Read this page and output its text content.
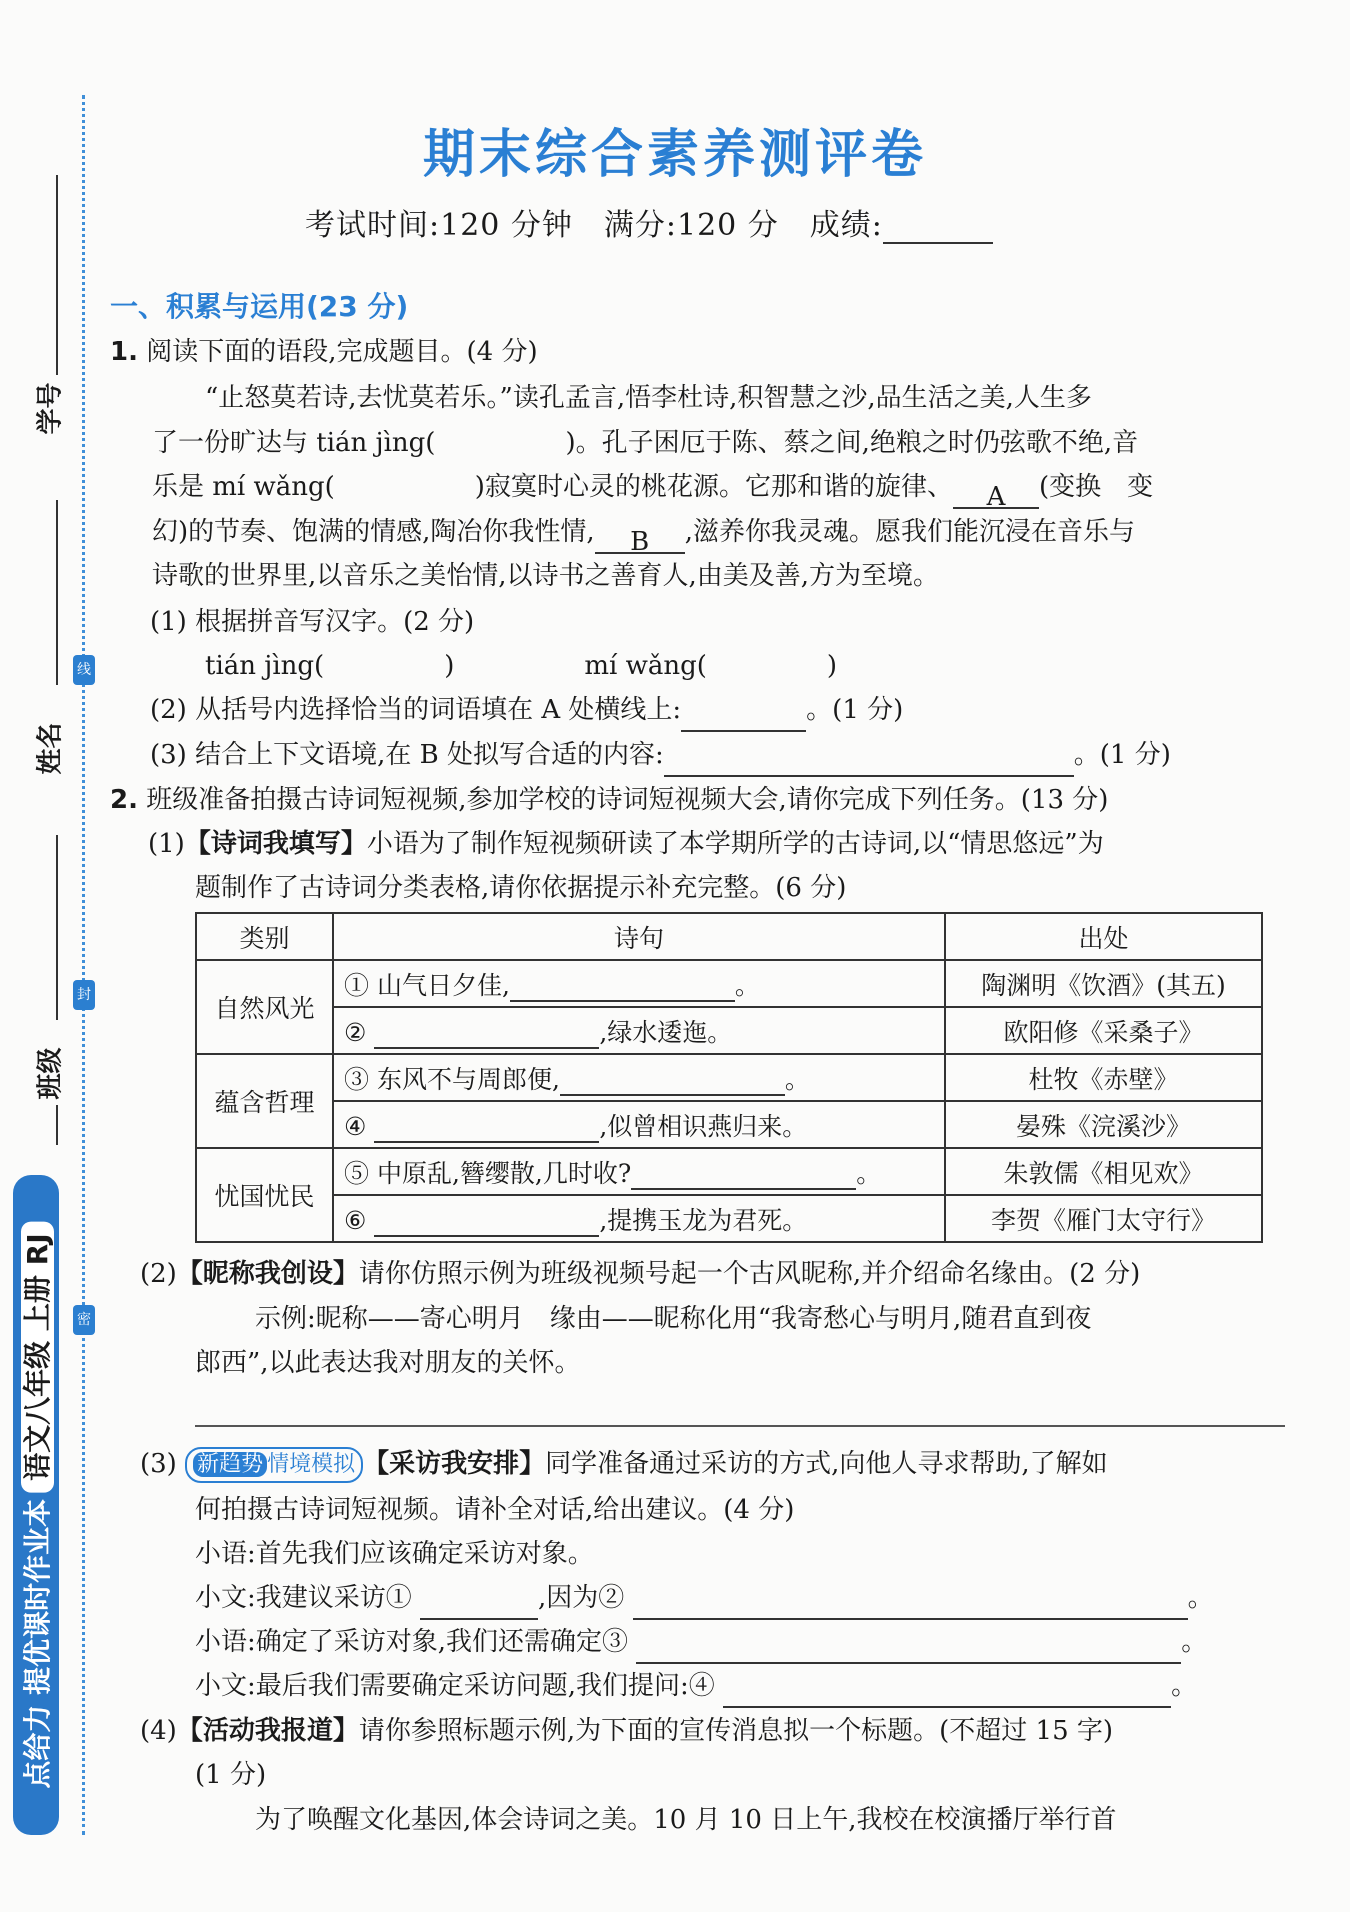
学号
线
姓名
封
班级
密
点给力 提优课时作业本语文八年级 上册 RJ
期末综合素养测评卷
考试时间:120 分钟　满分:120 分　成绩:
一、积累与运用(23 分)
1. 阅读下面的语段,完成题目。(4 分)
“止怒莫若诗,去忧莫若乐。”读孔孟言,悟李杜诗,积智慧之沙,品生活之美,人生多
了一份旷达与 tián jìng(	)。孔子困厄于陈、蔡之间,绝粮之时仍弦歌不绝,音
乐是 mí wǎng(	)寂寞时心灵的桃花源。它那和谐的旋律、 A (变换　变
幻)的节奏、饱满的情感,陶冶你我性情, B ,滋养你我灵魂。愿我们能沉浸在音乐与
诗歌的世界里,以音乐之美怡情,以诗书之善育人,由美及善,方为至境。
(1) 根据拼音写汉字。(2 分)
tián jìng(	)	mí wǎng(	)
(2) 从括号内选择恰当的词语填在 A 处横线上:	。(1 分)
(3) 结合上下文语境,在 B 处拟写合适的内容:	。(1 分)
2. 班级准备拍摄古诗词短视频,参加学校的诗词短视频大会,请你完成下列任务。(13 分)
(1)【诗词我填写】小语为了制作短视频研读了本学期所学的古诗词,以“情思悠远”为
题制作了古诗词分类表格,请你依据提示补充完整。(6 分)
类别	诗句	出处
自然风光	① 山气日夕佳, 。	陶渊明《饮酒》(其五)
	② ,绿水逶迤。	欧阳修《采桑子》
蕴含哲理	③ 东风不与周郎便, 。	杜牧《赤壁》
	④ ,似曾相识燕归来。	晏殊《浣溪沙》
忧国忧民	⑤ 中原乱,簪缨散,几时收? 。	朱敦儒《相见欢》
	⑥ ,提携玉龙为君死。	李贺《雁门太守行》
(2)【昵称我创设】请你仿照示例为班级视频号起一个古风昵称,并介绍命名缘由。(2 分)
示例:昵称——寄心明月　缘由——昵称化用“我寄愁心与明月,随君直到夜
郎西”,以此表达我对朋友的关怀。
(3) 新趋势 情境模拟 【采访我安排】同学准备通过采访的方式,向他人寻求帮助,了解如
何拍摄古诗词短视频。请补全对话,给出建议。(4 分)
小语:首先我们应该确定采访对象。
小文:我建议采访①	,因为②	。
小语:确定了采访对象,我们还需确定③	。
小文:最后我们需要确定采访问题,我们提问:④	。
(4)【活动我报道】请你参照标题示例,为下面的宣传消息拟一个标题。(不超过 15 字)
(1 分)
为了唤醒文化基因,体会诗词之美。10 月 10 日上午,我校在校演播厅举行首
